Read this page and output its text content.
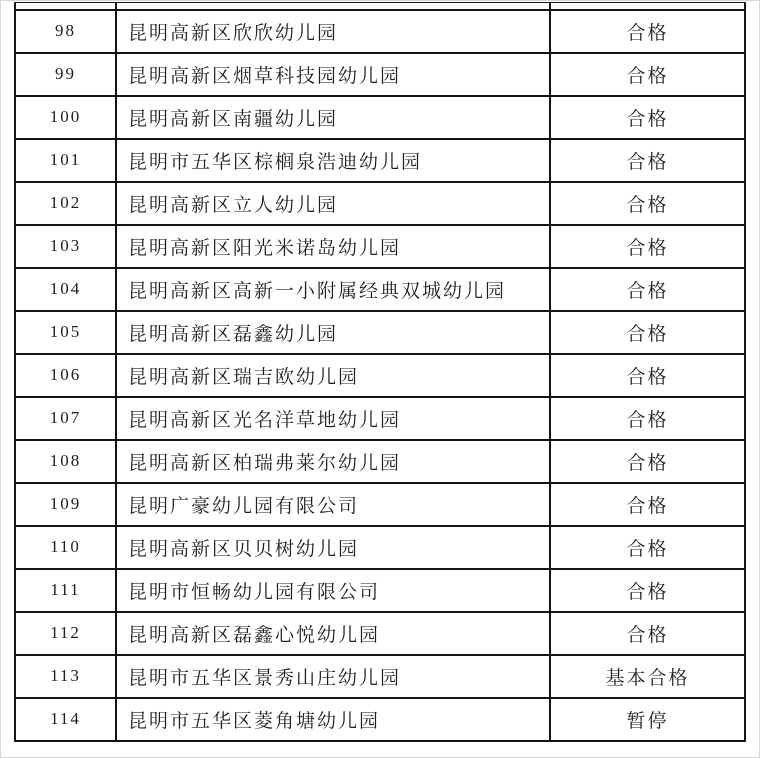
98	昆明高新区欣欣幼儿园	合格
99	昆明高新区烟草科技园幼儿园	合格
100	昆明高新区南疆幼儿园	合格
101	昆明市五华区棕榈泉浩迪幼儿园	合格
102	昆明高新区立人幼儿园	合格
103	昆明高新区阳光米诺岛幼儿园	合格
104	昆明高新区高新一小附属经典双城幼儿园	合格
105	昆明高新区磊鑫幼儿园	合格
106	昆明高新区瑞吉欧幼儿园	合格
107	昆明高新区光名洋草地幼儿园	合格
108	昆明高新区柏瑞弗莱尔幼儿园	合格
109	昆明广豪幼儿园有限公司	合格
110	昆明高新区贝贝树幼儿园	合格
111	昆明市恒畅幼儿园有限公司	合格
112	昆明高新区磊鑫心悦幼儿园	合格
113	昆明市五华区景秀山庄幼儿园	基本合格
114	昆明市五华区菱角塘幼儿园	暂停
